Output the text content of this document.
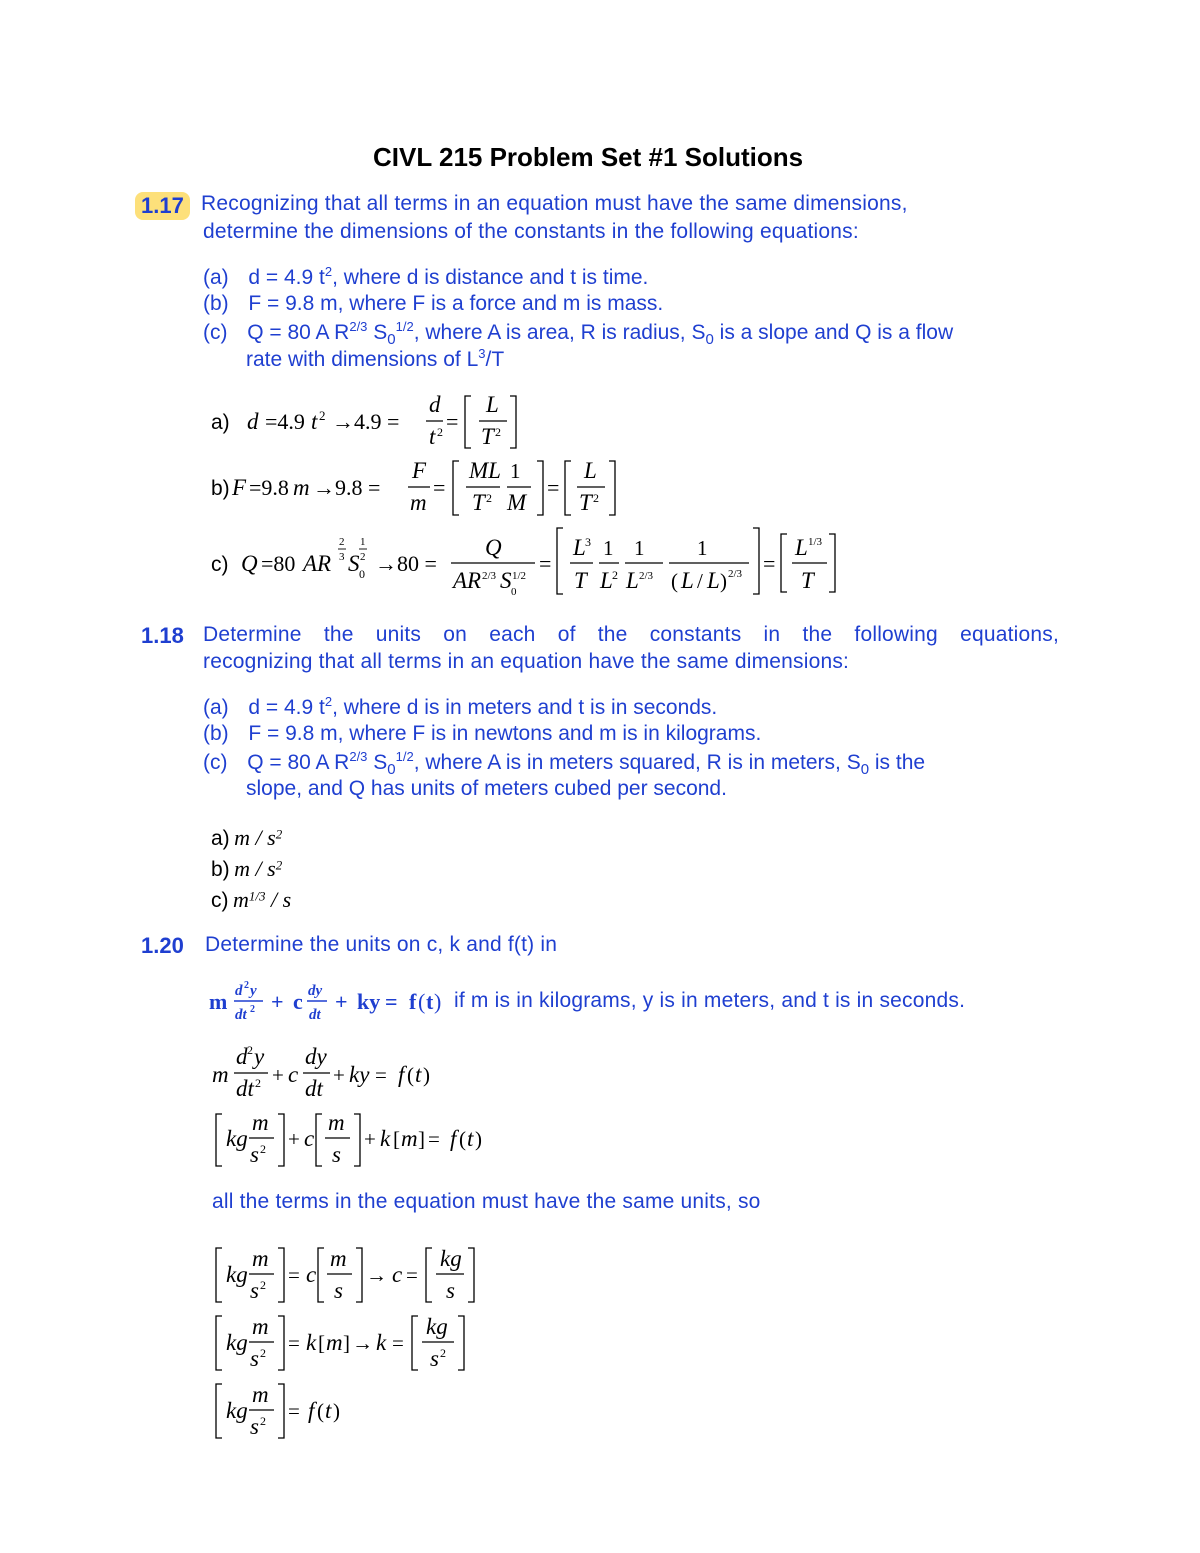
CIVL 215 Problem Set #1 Solutions
1.17 Recognizing that all terms in an equation must have the same dimensions,
determine the dimensions of the constants in the following equations:
(a) d = 4.9 $t^2$, where d is distance and t is time.
(b) F = 9.8 m, where F is a force and m is mass.
(c) Q = 80 A $R^{2/3}$ $S_0^{1/2}$, where A is area, R is radius, $S_0$ is a slope and Q is a flow
rate with dimensions of $L^3/T$
a) d =4.9 t 2 →4.9 =
d
t 2 =
L
T 2
b) F =9.8 m →9.8 =
F
m
=
ML
T 2
1
M
=
L
T 2
c) Q =80 AR
2
3 S
1
2
0 →80 =
Q
AR 2/3 S 1/2
0
=
L 3
T
1
L 2
1
L 2/3
1
( L / L ) 2/3 =
L 1/3
T
1.18 Determine the units on each of the constants in the following equations,
recognizing that all terms in an equation have the same dimensions:
(a) d = 4.9 $t^2$, where d is in meters and t is in seconds.
(b) F = 9.8 m, where F is in newtons and m is in kilograms.
(c) Q = 80 A $R^{2/3}$ $S_0^{1/2}$, where A is in meters squared, R is in meters, $S_0$ is the
slope, and Q has units of meters cubed per second.
a) m / $s^2$
b) m / $s^2$
c) $m^{1/3}$ / s
1.20 Determine the units on c, k and f(t) in
m d 2 y
dt 2 + c dy
dt
+ ky = f ( t ) if m is in kilograms, y is in meters, and t is in seconds.
m
d 2 y
dt 2 + c
dy
dt
+ ky = f ( t )
kg
m
s 2 + c
m
s
+ k [ m ] = f ( t )
all the terms in the equation must have the same units, so
kg
m
s 2 = c
m
s
→ c =
kg
s
kg
m
s 2 = k [ m ] → k =
kg
s 2
kg
m
s 2 = f ( t )
